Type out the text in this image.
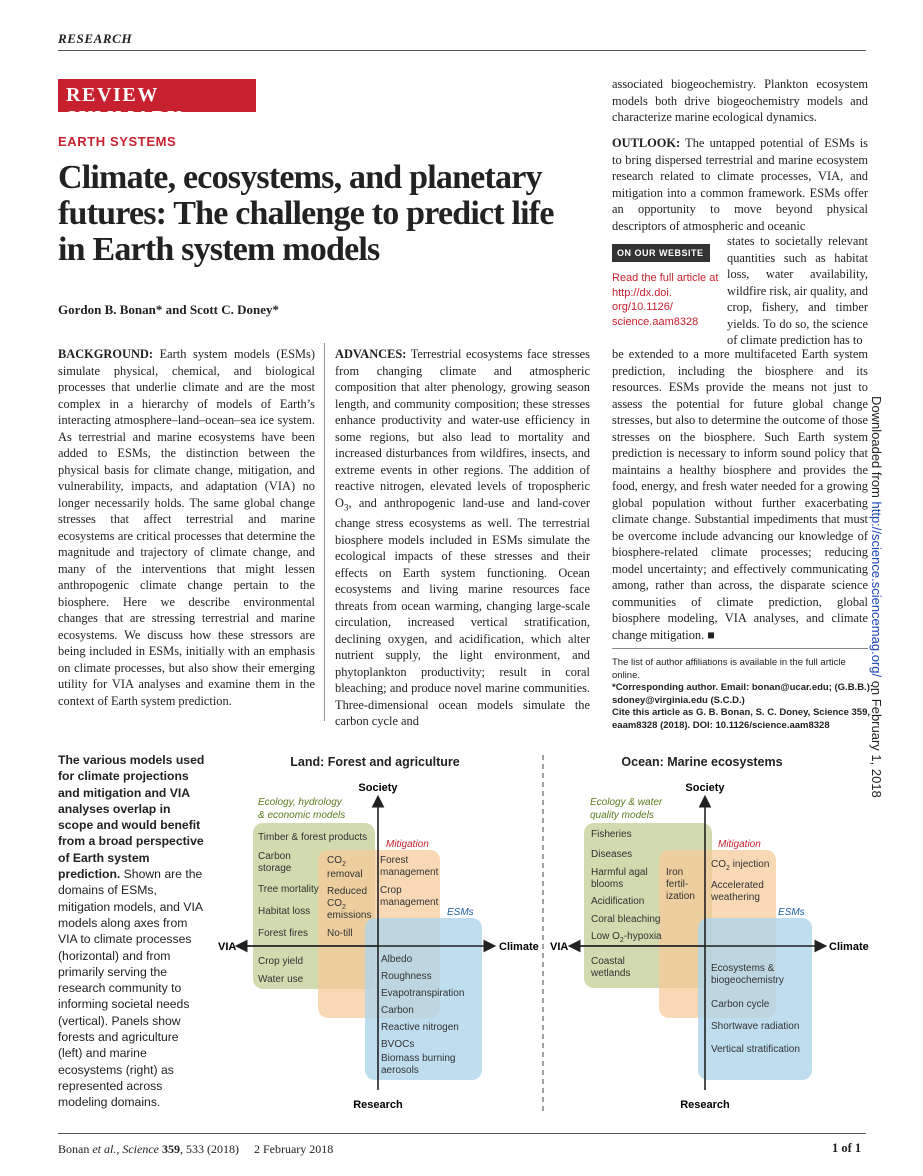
RESEARCH
REVIEW SUMMARY
EARTH SYSTEMS
Climate, ecosystems, and planetary
futures: The challenge to predict life
in Earth system models
Gordon B. Bonan* and Scott C. Doney*
BACKGROUND: Earth system models (ESMs) simulate physical, chemical, and biological processes that underlie climate and are the most complex in a hierarchy of models of Earth’s interacting atmosphere–land–ocean–sea ice system. As terrestrial and marine ecosystems have been added to ESMs, the distinction between the physical basis for climate change, mitigation, and vulnerability, impacts, and adaptation (VIA) no longer necessarily holds. The same global change stresses that affect terrestrial and marine ecosystems are critical processes that determine the magnitude and trajectory of climate change, and many of the interventions that might lessen anthropogenic climate change pertain to the biosphere. Here we describe environmental changes that are stressing terrestrial and marine ecosystems. We discuss how these stressors are being included in ESMs, initially with an emphasis on climate processes, but also show their emerging utility for VIA analyses and examine them in the context of Earth system prediction.
ADVANCES: Terrestrial ecosystems face stresses from changing climate and atmospheric composition that alter phenology, growing season length, and community composition; these stresses enhance productivity and water-use efficiency in some regions, but also lead to mortality and increased disturbances from wildfires, insects, and extreme events in other regions. The addition of reactive nitrogen, elevated levels of tropospheric $O_3$, and anthropogenic land-use and land-cover change stress ecosystems as well. The terrestrial biosphere models included in ESMs simulate the ecological impacts of these stresses and their effects on Earth system functioning. Ocean ecosystems and living marine resources face threats from ocean warming, changing large-scale circulation, increased vertical stratification, declining oxygen, and acidification, which alter nutrient supply, the light environment, and phytoplankton productivity; result in coral bleaching; and produce novel marine communities. Three-dimensional ocean models simulate the carbon cycle and
associated biogeochemistry. Plankton ecosystem models both drive biogeochemistry models and characterize marine ecological dynamics.
OUTLOOK: The untapped potential of ESMs is to bring dispersed terrestrial and marine ecosystem research related to climate processes, VIA, and mitigation into a common framework. ESMs offer an opportunity to move beyond physical descriptors of atmospheric and oceanic
states to societally relevant quantities such as habitat loss, water availability, wildfire risk, air quality, and crop, fishery, and timber yields. To do so, the science of climate prediction has to
be extended to a more multifaceted Earth system prediction, including the biosphere and its resources. ESMs provide the means not just to assess the potential for future global change stresses, but also to determine the outcome of those stresses on the biosphere. Such Earth system prediction is necessary to inform sound policy that maintains a healthy biosphere and provides the food, energy, and fresh water needed for a growing global population without further exacerbating climate change. Substantial impediments that must be overcome include advancing our knowledge of biosphere-related climate processes; reducing model uncertainty; and effectively communicating among, rather than across, the disparate science communities of climate prediction, global biosphere modeling, VIA analyses, and climate change mitigation. ■
ON OUR WEBSITE
Read the full article at http://dx.doi. org/10.1126/ science.aam8328
The list of author affiliations is available in the full article online.
*Corresponding author. Email: bonan@ucar.edu; (G.B.B.); sdoney@virginia.edu (S.C.D.)
Cite this article as G. B. Bonan, S. C. Doney, Science 359, eaam8328 (2018). DOI: 10.1126/science.aam8328
Downloaded from http://science.sciencemag.org/ on February 1, 2018
The various models used for climate projections and mitigation and VIA analyses overlap in scope and would benefit from a broad perspective of Earth system prediction. Shown are the domains of ESMs, mitigation models, and VIA models along axes from VIA to climate processes (horizontal) and from primarily serving the research community to informing societal needs (vertical). Panels show forests and agriculture (left) and marine ecosystems (right) as represented across modeling domains.
Land: Forest and agriculture
Ecology, hydrology
& economic models
Mitigation
ESMs
Timber & forest products
Carbon
storage
Tree mortality
Habitat loss
Forest fires
Crop yield
Water use
$CO_2$
removal
Reduced
$CO_2$
emissions
No-till
Forest
management
Crop
management
Albedo
Roughness
Evapotranspiration
Carbon
Reactive nitrogen
BVOCs
Biomass burning
aerosols
Society
Research
VIA	Climate
Ocean: Marine ecosystems
Ecology & water
quality models
Mitigation
ESMs
Fisheries
Diseases
Harmful agal
blooms
Acidification
Coral bleaching
Low $O_2$-hypoxia
Coastal
wetlands
Iron
fertil-
ization
$CO_2$ injection
Accelerated
weathering
Ecosystems &
biogeochemistry
Carbon cycle
Shortwave radiation
Vertical stratification
Society
Research
VIA	Climate
Bonan et al., Science 359, 533 (2018)     2 February 2018	1 of 1
